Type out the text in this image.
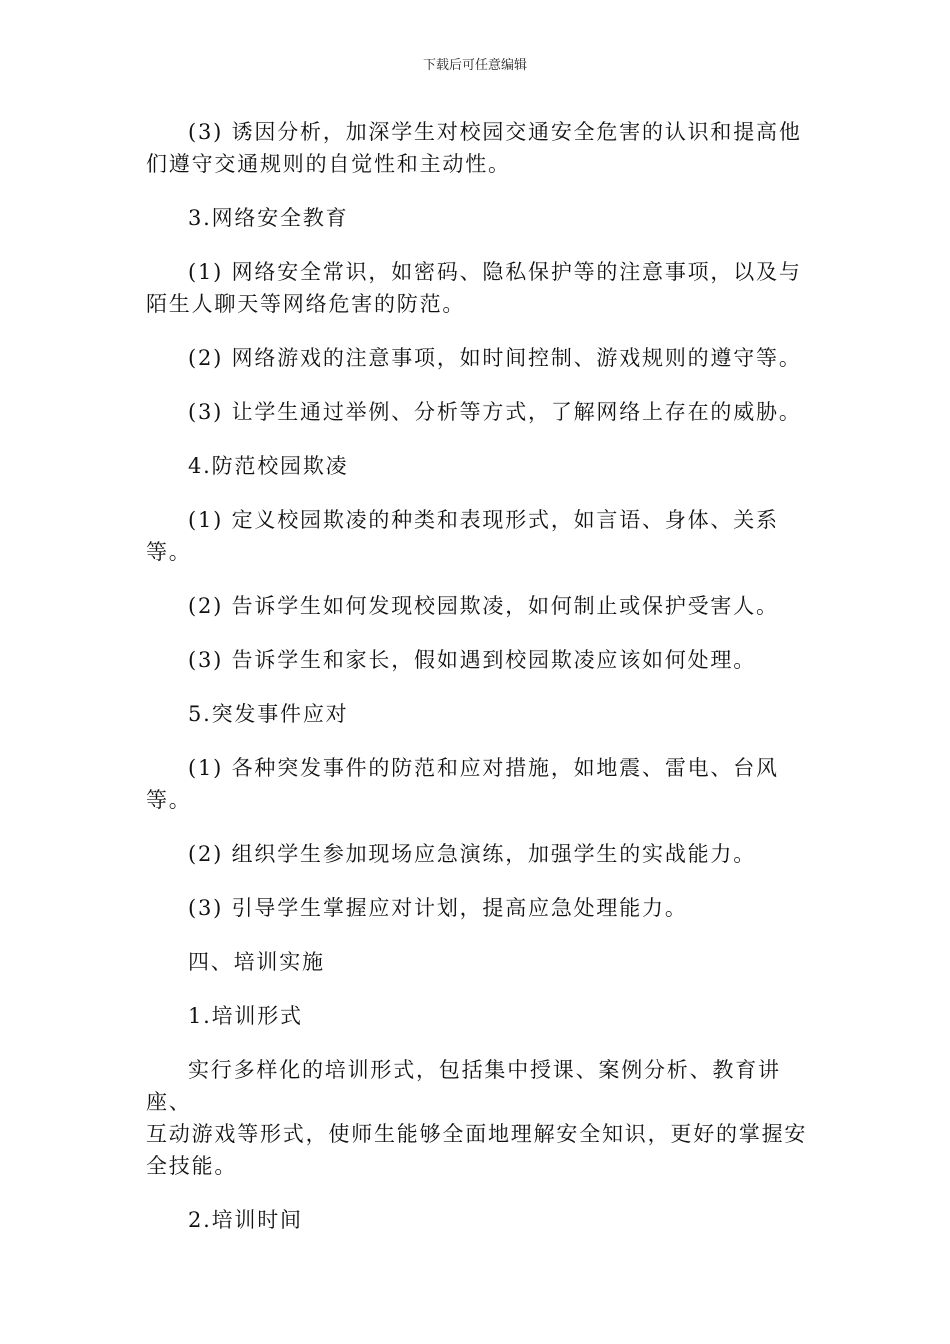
下载后可任意编辑

(3) 诱因分析，加深学生对校园交通安全危害的认识和提高他
们遵守交通规则的自觉性和主动性。

3.网络安全教育

(1) 网络安全常识，如密码、隐私保护等的注意事项，以及与
陌生人聊天等网络危害的防范。

(2) 网络游戏的注意事项，如时间控制、游戏规则的遵守等。

(3) 让学生通过举例、分析等方式，了解网络上存在的威胁。

4.防范校园欺凌

(1) 定义校园欺凌的种类和表现形式，如言语、身体、关系等。

(2) 告诉学生如何发现校园欺凌，如何制止或保护受害人。

(3) 告诉学生和家长，假如遇到校园欺凌应该如何处理。

5.突发事件应对

(1) 各种突发事件的防范和应对措施，如地震、雷电、台风等。

(2) 组织学生参加现场应急演练，加强学生的实战能力。

(3) 引导学生掌握应对计划，提高应急处理能力。

四、培训实施

1.培训形式

实行多样化的培训形式，包括集中授课、案例分析、教育讲座、
互动游戏等形式，使师生能够全面地理解安全知识，更好的掌握安
全技能。

2.培训时间
